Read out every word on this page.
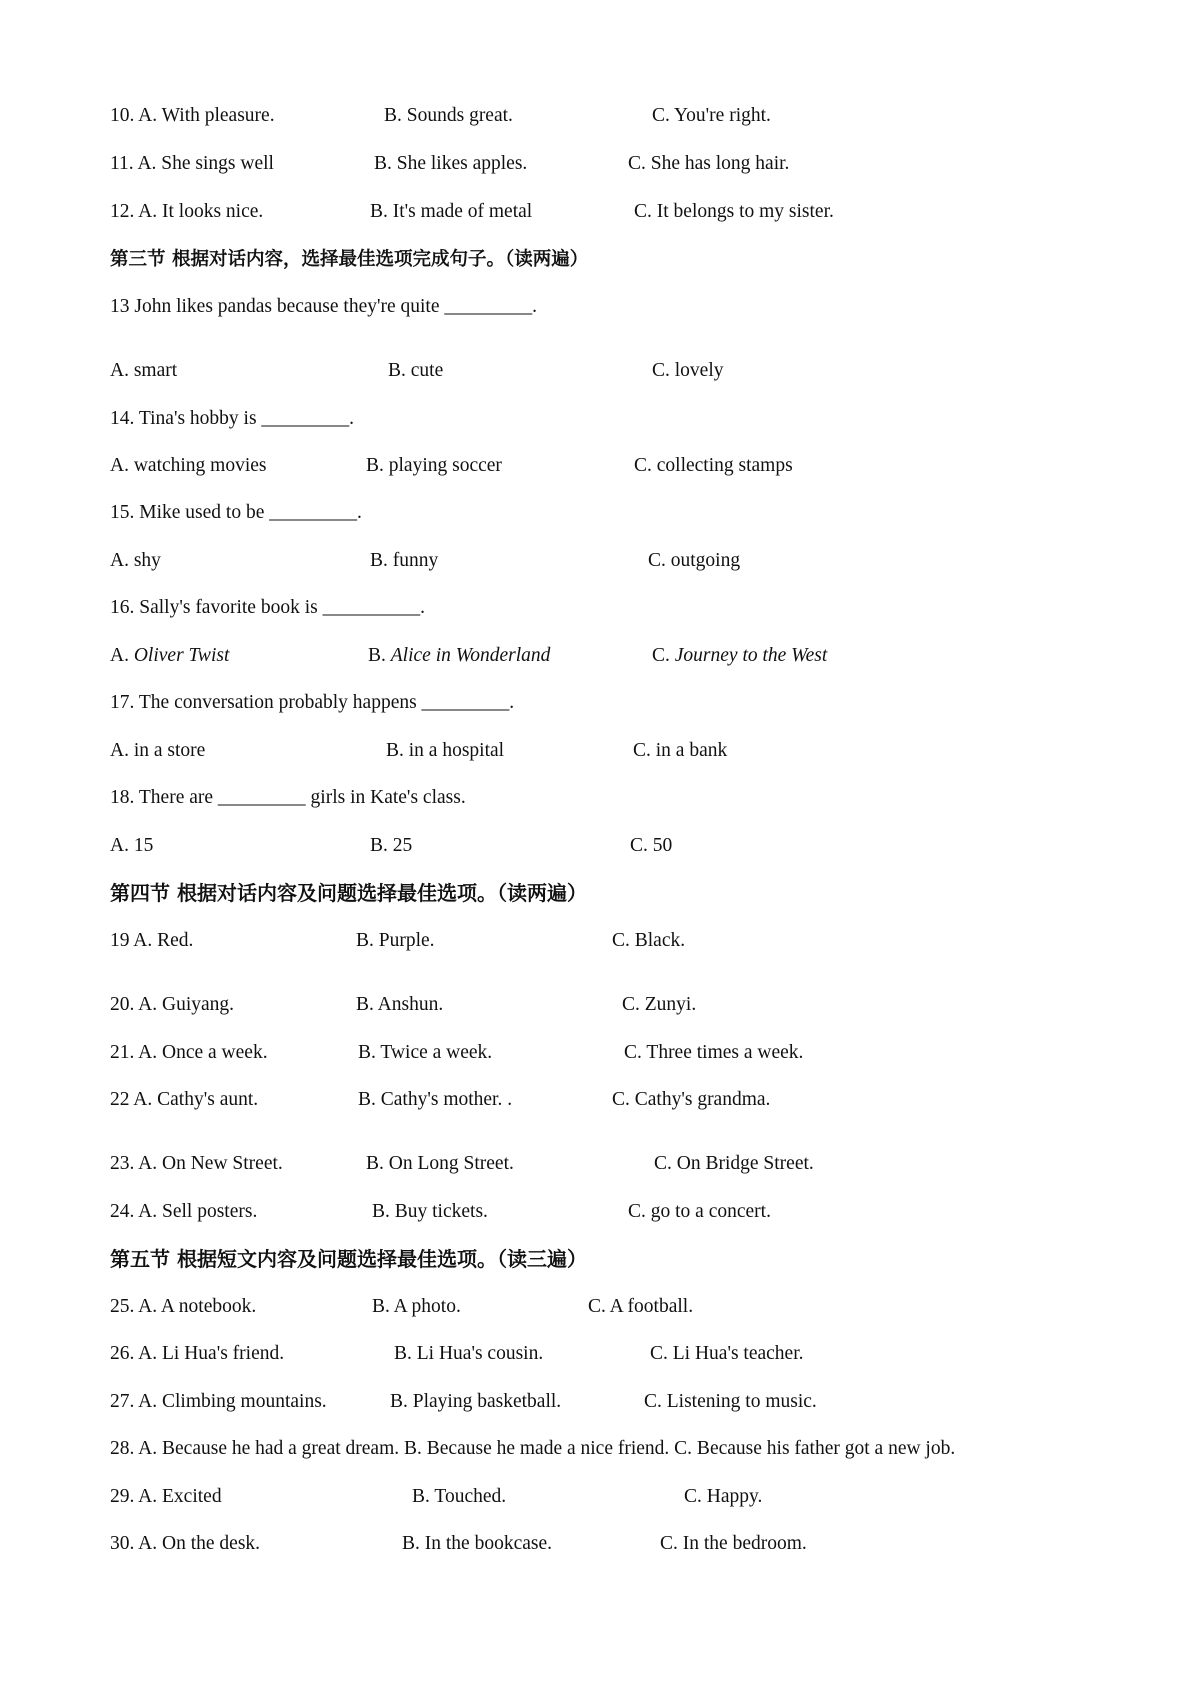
10. A. With pleasure.	B. Sounds great.	C. You're right.
11. A. She sings well	B. She likes apples.	C. She has long hair.
12. A. It looks nice.	B. It's made of metal	C. It belongs to my sister.
第三节 根据对话内容，选择最佳选项完成句子。（读两遍）
13 John likes pandas because they're quite _________.
A. smart	B. cute	C. lovely
14. Tina's hobby is _________.
A. watching movies	B. playing soccer	C. collecting stamps
15. Mike used to be _________.
A. shy	B. funny	C. outgoing
16. Sally's favorite book is __________.
A. Oliver Twist	B. Alice in Wonderland	C. Journey to the West
17. The conversation probably happens _________.
A. in a store	B. in a hospital	C. in a bank
18. There are _________ girls in Kate's class.
A. 15	B. 25	C. 50
第四节 根据对话内容及问题选择最佳选项。（读两遍）
19 A. Red.	B. Purple.	C. Black.
20. A. Guiyang.	B. Anshun.	C. Zunyi.
21. A. Once a week.	B. Twice a week.	C. Three times a week.
22 A. Cathy's aunt.	B. Cathy's mother. .	C. Cathy's grandma.
23. A. On New Street.	B. On Long Street.	C. On Bridge Street.
24. A. Sell posters.	B. Buy tickets.	C. go to a concert.
第五节 根据短文内容及问题选择最佳选项。（读三遍）
25. A. A notebook.	B. A photo.	C. A football.
26. A. Li Hua's friend.	B. Li Hua's cousin.	C. Li Hua's teacher.
27. A. Climbing mountains.	B. Playing basketball.	C. Listening to music.
28. A. Because he had a great dream. B. Because he made a nice friend. C. Because his father got a new job.
29. A. Excited	B. Touched.	C. Happy.
30. A. On the desk.	B. In the bookcase.	C. In the bedroom.
